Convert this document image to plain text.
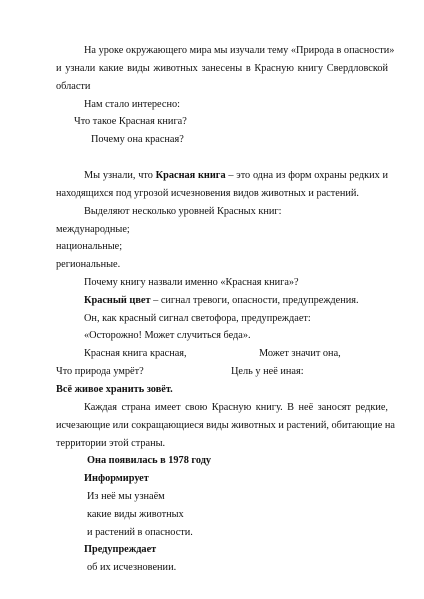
На уроке окружающего мира мы изучали тему «Природа в опасности»
и узнали какие виды животных занесены в Красную книгу Свердловской
области
Нам стало интересно:
Что такое Красная книга?
Почему она красная?
Мы узнали, что Красная книга – это одна из форм охраны редких и
находящихся под угрозой исчезновения видов животных и растений.
Выделяют несколько уровней Красных книг:
международные;
национальные;
региональные.
Почему книгу назвали именно «Красная книга»?
Красный цвет – сигнал тревоги, опасности, предупреждения.
Он, как красный сигнал светофора, предупреждает:
«Осторожно! Может случиться беда».
Красная книга красная,	Может значит она,
Что природа умрёт?	Цель у неё иная:
Всё живое хранить зовёт.
Каждая страна имеет свою Красную книгу. В неё заносят редкие,
исчезающие или сокращающиеся виды животных и растений, обитающие на
территории этой страны.
Она появилась в 1978 году
Информирует
Из неё мы узнаём
какие виды животных
и растений в опасности.
Предупреждает
об их исчезновении.
